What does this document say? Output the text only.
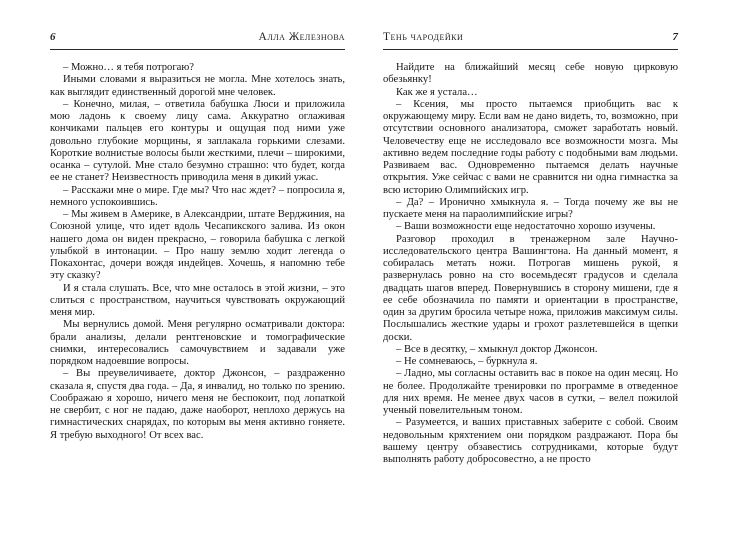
6	Алла Железнова

– Можно… я тебя потрогаю?

Иными словами я выразиться не могла. Мне хотелось знать, как выглядит единственный дорогой мне человек.

– Конечно, милая, – ответила бабушка Люси и приложила мою ладонь к своему лицу сама. Аккуратно оглаживая кончиками пальцев его контуры и ощущая под ними уже довольно глубокие морщины, я заплакала горькими слезами. Короткие волнистые волосы были жесткими, плечи – широкими, осанка – сутулой. Мне стало безумно страшно: что будет, когда ее не станет? Неизвестность приводила меня в дикий ужас.

– Расскажи мне о мире. Где мы? Что нас ждет? – попросила я, немного успокоившись.

– Мы живем в Америке, в Александрии, штате Верджиния, на Союзной улице, что идет вдоль Чесапикского залива. Из окон нашего дома он виден прекрасно, – говорила бабушка с легкой улыбкой в интонации. – Про нашу землю ходит легенда о Покахонтас, дочери вождя индейцев. Хочешь, я напомню тебе эту сказку?

И я стала слушать. Все, что мне осталось в этой жизни, – это слиться с пространством, научиться чувствовать окружающий меня мир.

Мы вернулись домой. Меня регулярно осматривали доктора: брали анализы, делали рентгеновские и томографические снимки, интересовались самочувствием и задавали уже порядком надоевшие вопросы.

– Вы преувеличиваете, доктор Джонсон, – раздраженно сказала я, спустя два года. – Да, я инвалид, но только по зрению. Соображаю я хорошо, ничего меня не беспокоит, под лопаткой не свербит, с ног не падаю, даже наоборот, неплохо держусь на гимнастических снарядах, по которым вы меня активно гоняете. Я требую выходного! От всех вас.

Тень чародейки	7

Найдите на ближайший месяц себе новую цирковую обезьянку!

Как же я устала…

– Ксения, мы просто пытаемся приобщить вас к окружающему миру. Если вам не дано видеть, то, возможно, при отсутствии основного анализатора, сможет заработать новый. Человечеству еще не исследовало все возможности мозга. Мы активно ведем последние годы работу с подобными вам людьми. Развиваем вас. Одновременно пытаемся делать научные открытия. Уже сейчас с вами не сравнится ни одна гимнастка за всю историю Олимпийских игр.

– Да? – Иронично хмыкнула я. – Тогда почему же вы не пускаете меня на параолимпийские игры?

– Ваши возможности еще недостаточно хорошо изучены.

Разговор проходил в тренажерном зале Научно-исследовательского центра Вашингтона. На данный момент, я собиралась метать ножи. Потрогав мишень рукой, я развернулась ровно на сто восемьдесят градусов и сделала двадцать шагов вперед. Повернувшись в сторону мишени, где я ее себе обозначила по памяти и ориентации в пространстве, один за другим бросила четыре ножа, приложив максимум силы. Послышались жесткие удары и грохот разлетевшейся в щепки доски.

– Все в десятку, – хмыкнул доктор Джонсон.

– Не сомневаюсь, – буркнула я.

– Ладно, мы согласны оставить вас в покое на один месяц. Но не более. Продолжайте тренировки по программе в отведенное для них время. Не менее двух часов в сутки, – велел пожилой ученый повелительным тоном.

– Разумеется, и ваших приставных заберите с собой. Своим недовольным кряхтением они порядком раздражают. Пора бы вашему центру обзавестись сотрудниками, которые будут выполнять работу добросовестно, а не просто
